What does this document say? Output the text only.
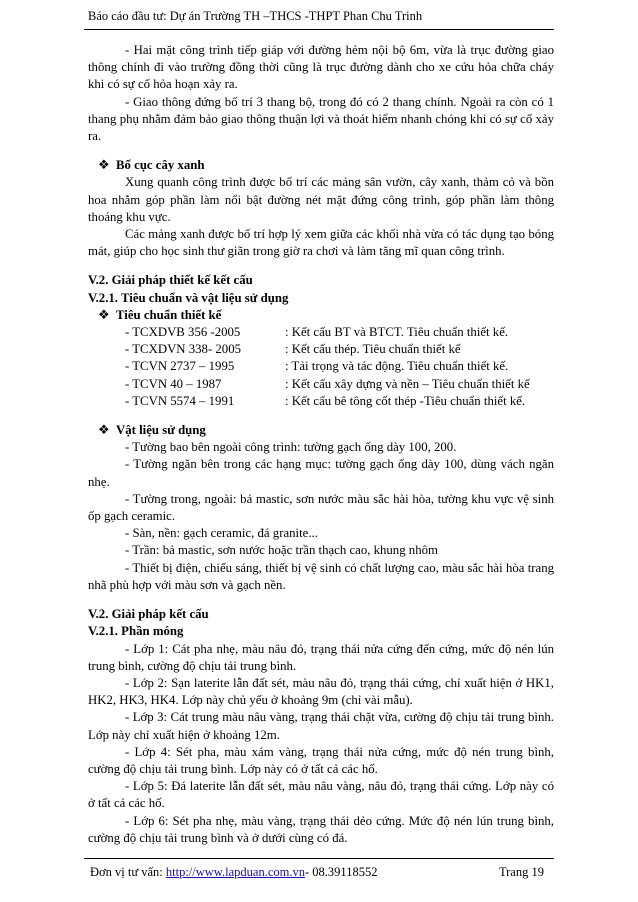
Báo cáo đầu tư: Dự án Trường TH –THCS -THPT Phan Chu Trinh

- Hai mặt công trình tiếp giáp với đường hẻm nội bộ 6m, vừa là trục đường giao thông chính đi vào trường đồng thời cũng là trục đường dành cho xe cứu hỏa chữa cháy khi có sự cố hỏa hoạn xảy ra.

- Giao thông đứng bố trí 3 thang bộ, trong đó có 2 thang chính. Ngoài ra còn có 1 thang phụ nhằm đảm bảo giao thông thuận lợi và thoát hiểm nhanh chóng khi có sự cố xảy ra.

❖ Bố cục cây xanh

Xung quanh công trình được bố trí các mảng sân vườn, cây xanh, thảm cỏ và bồn hoa nhằm góp phần làm nổi bật đường nét mặt đứng công trình, góp phần làm thông thoáng khu vực.

Các mảng xanh được bố trí hợp lý xem giữa các khối nhà vừa có tác dụng tạo bóng mát, giúp cho học sinh thư giãn trong giờ ra chơi và làm tăng mĩ quan công trình.

V.2. Giải pháp thiết kế kết cấu

V.2.1. Tiêu chuẩn và vật liệu sử dụng

❖ Tiêu chuẩn thiết kế

- TCXDVB 356 -2005	: Kết cấu BT và BTCT. Tiêu chuẩn thiết kế.
- TCXDVN 338- 2005	: Kết cấu thép. Tiêu chuẩn thiết kế
- TCVN 2737 – 1995	: Tải trọng và tác động. Tiêu chuẩn thiết kế.
- TCVN 40 – 1987	: Kết cấu xây dựng và nền – Tiêu chuẩn thiết kế
- TCVN 5574 – 1991	: Kết cấu bê tông cốt thép -Tiêu chuẩn thiết kế.

❖ Vật liệu sử dụng

- Tường bao bên ngoài công trình: tường gạch ống dày 100, 200.

- Tường ngăn bên trong các hạng mục: tường gạch ống dày 100, dùng vách ngăn nhẹ.

- Tường trong, ngoài: bả mastic, sơn nước màu sắc hài hòa, tường khu vực vệ sinh ốp gạch ceramic.

- Sàn, nền: gạch ceramic, đá granite...

- Trần: bả mastic, sơn nước hoặc trần thạch cao, khung nhôm

- Thiết bị điện, chiếu sáng, thiết bị vệ sinh có chất lượng cao, màu sắc hài hòa trang nhã phù hợp với màu sơn và gạch nền.

V.2. Giải pháp kết cấu

V.2.1. Phần móng

- Lớp 1: Cát pha nhẹ, màu nâu đỏ, trạng thái nửa cứng đến cứng, mức độ nén lún trung bình, cường độ chịu tải trung bình.

- Lớp 2: Sạn laterite lẫn đất sét, màu nâu đỏ, trạng thái cứng, chỉ xuất hiện ở HK1, HK2, HK3, HK4. Lớp này chủ yếu ở khoảng 9m (chỉ vài mẫu).

- Lớp 3: Cát trung màu nâu vàng, trạng thái chặt vừa, cường độ chịu tải trung bình. Lớp này chỉ xuất hiện ở khoảng 12m.

- Lớp 4: Sét pha, màu xám vàng, trạng thái nửa cứng, mức độ nén trung bình, cường độ chịu tải trung bình. Lớp này có ở tất cả các hố.

- Lớp 5: Đá laterite lẫn đất sét, màu nâu vàng, nâu đỏ, trạng thái cứng. Lớp này có ở tất cả các hố.

- Lớp 6: Sét pha nhẹ, màu vàng, trạng thái dẻo cứng. Mức độ nén lún trung bình, cường độ chịu tải trung bình và ở dưới cùng có đá.

Đơn vị tư vấn: http://www.lapduan.com.vn- 08.39118552	Trang 19
